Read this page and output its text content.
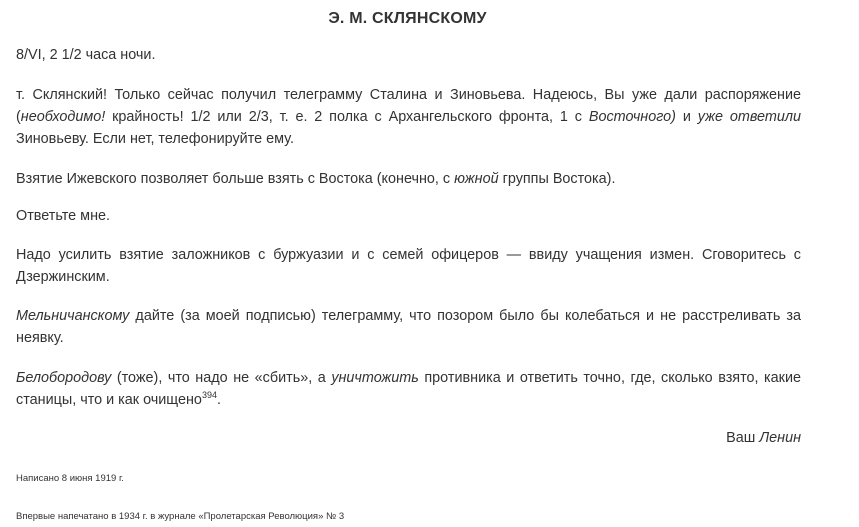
Э. М. СКЛЯНСКОМУ

8/VI, 2 1/2 часа ночи.

т. Склянский! Только сейчас получил телеграмму Сталина и Зиновьева. Надеюсь, Вы уже дали распоряжение (необходимо! крайность! 1/2 или 2/3, т. е. 2 полка с Архангельского фронта, 1 с Восточного) и уже ответили Зиновьеву. Если нет, телефонируйте ему.

Взятие Ижевского позволяет больше взять с Востока (конечно, с южной группы Востока).

Ответьте мне.

Надо усилить взятие заложников с буржуазии и с семей офицеров — ввиду учащения измен. Сговоритесь с Дзержинским.

Мельничанскому дайте (за моей подписью) телеграмму, что позором было бы колебаться и не расстреливать за неявку.

Белобородову (тоже), что надо не «сбить», а уничтожить противника и ответить точно, где, сколько взято, какие станицы, что и как очищено$^{394}$.

Ваш Ленин
Написано 8 июня 1919 г.
Впервые напечатано в 1934 г. в журнале «Пролетарская Революция» № 3
